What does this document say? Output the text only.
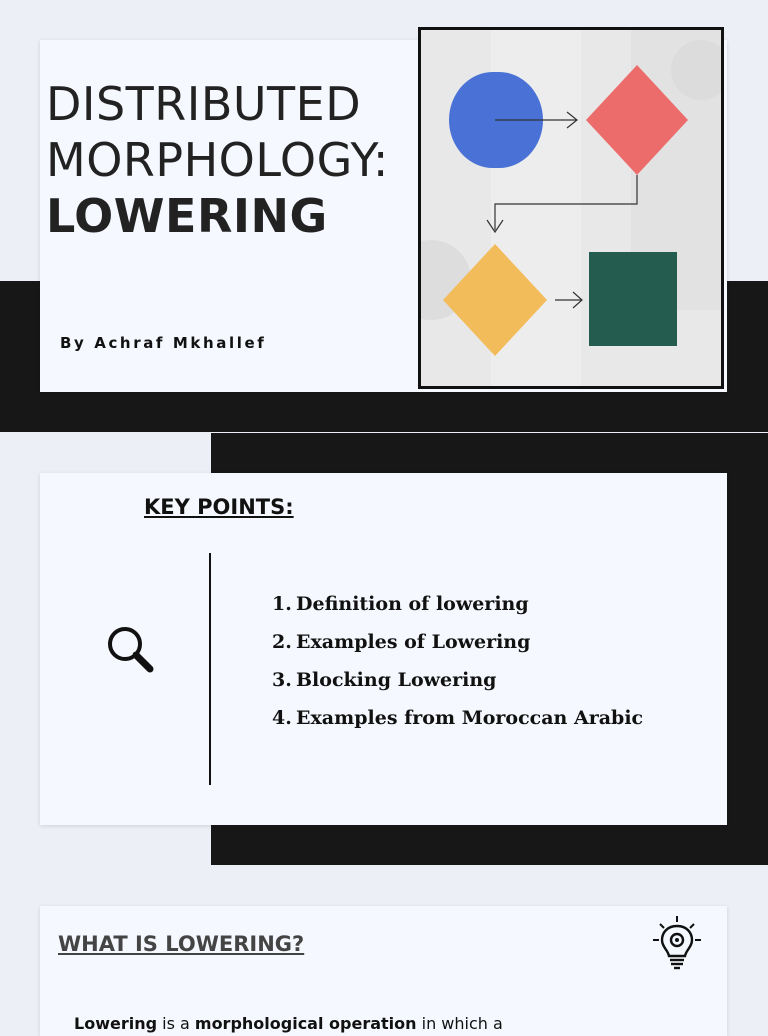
DISTRIBUTED
MORPHOLOGY:
LOWERING
By Achraf Mkhallef
KEY POINTS:
1. Definition of lowering
2. Examples of Lowering
3. Blocking Lowering
4. Examples from Moroccan Arabic
WHAT IS LOWERING?

Lowering is a morphological operation in which a
